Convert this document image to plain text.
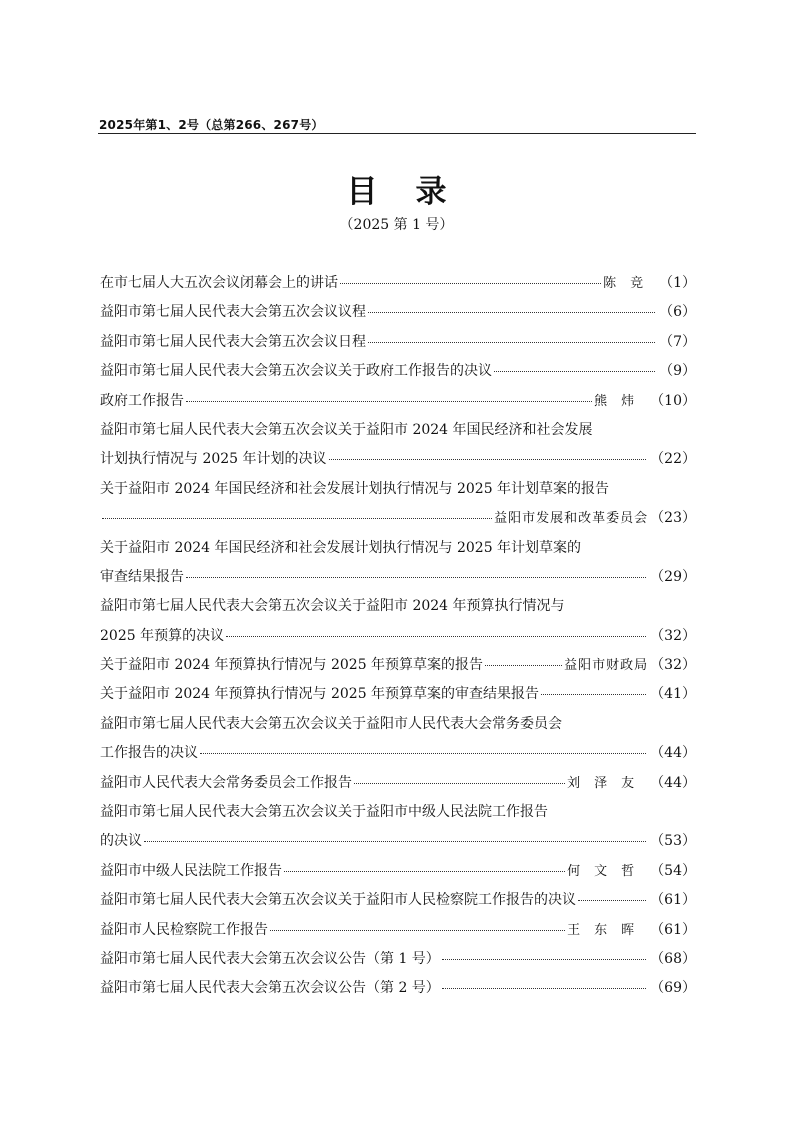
2025年第1、2号（总第266、267号）
目录
（2025 第 1 号）
在市七届人大五次会议闭幕会上的讲话	陈竞 （1）
益阳市第七届人民代表大会第五次会议议程	（6）
益阳市第七届人民代表大会第五次会议日程	（7）
益阳市第七届人民代表大会第五次会议关于政府工作报告的决议	（9）
政府工作报告	熊炜 （10）
益阳市第七届人民代表大会第五次会议关于益阳市 2024 年国民经济和社会发展
计划执行情况与 2025 年计划的决议	（22）
关于益阳市 2024 年国民经济和社会发展计划执行情况与 2025 年计划草案的报告
益阳市发展和改革委员会 （23）
关于益阳市 2024 年国民经济和社会发展计划执行情况与 2025 年计划草案的
审查结果报告	（29）
益阳市第七届人民代表大会第五次会议关于益阳市 2024 年预算执行情况与
2025 年预算的决议	（32）
关于益阳市 2024 年预算执行情况与 2025 年预算草案的报告	益阳市财政局 （32）
关于益阳市 2024 年预算执行情况与 2025 年预算草案的审查结果报告	（41）
益阳市第七届人民代表大会第五次会议关于益阳市人民代表大会常务委员会
工作报告的决议	（44）
益阳市人民代表大会常务委员会工作报告	刘泽友 （44）
益阳市第七届人民代表大会第五次会议关于益阳市中级人民法院工作报告
的决议	（53）
益阳市中级人民法院工作报告	何文哲 （54）
益阳市第七届人民代表大会第五次会议关于益阳市人民检察院工作报告的决议	（61）
益阳市人民检察院工作报告	王东晖 （61）
益阳市第七届人民代表大会第五次会议公告（第 1 号）	（68）
益阳市第七届人民代表大会第五次会议公告（第 2 号）	（69）
